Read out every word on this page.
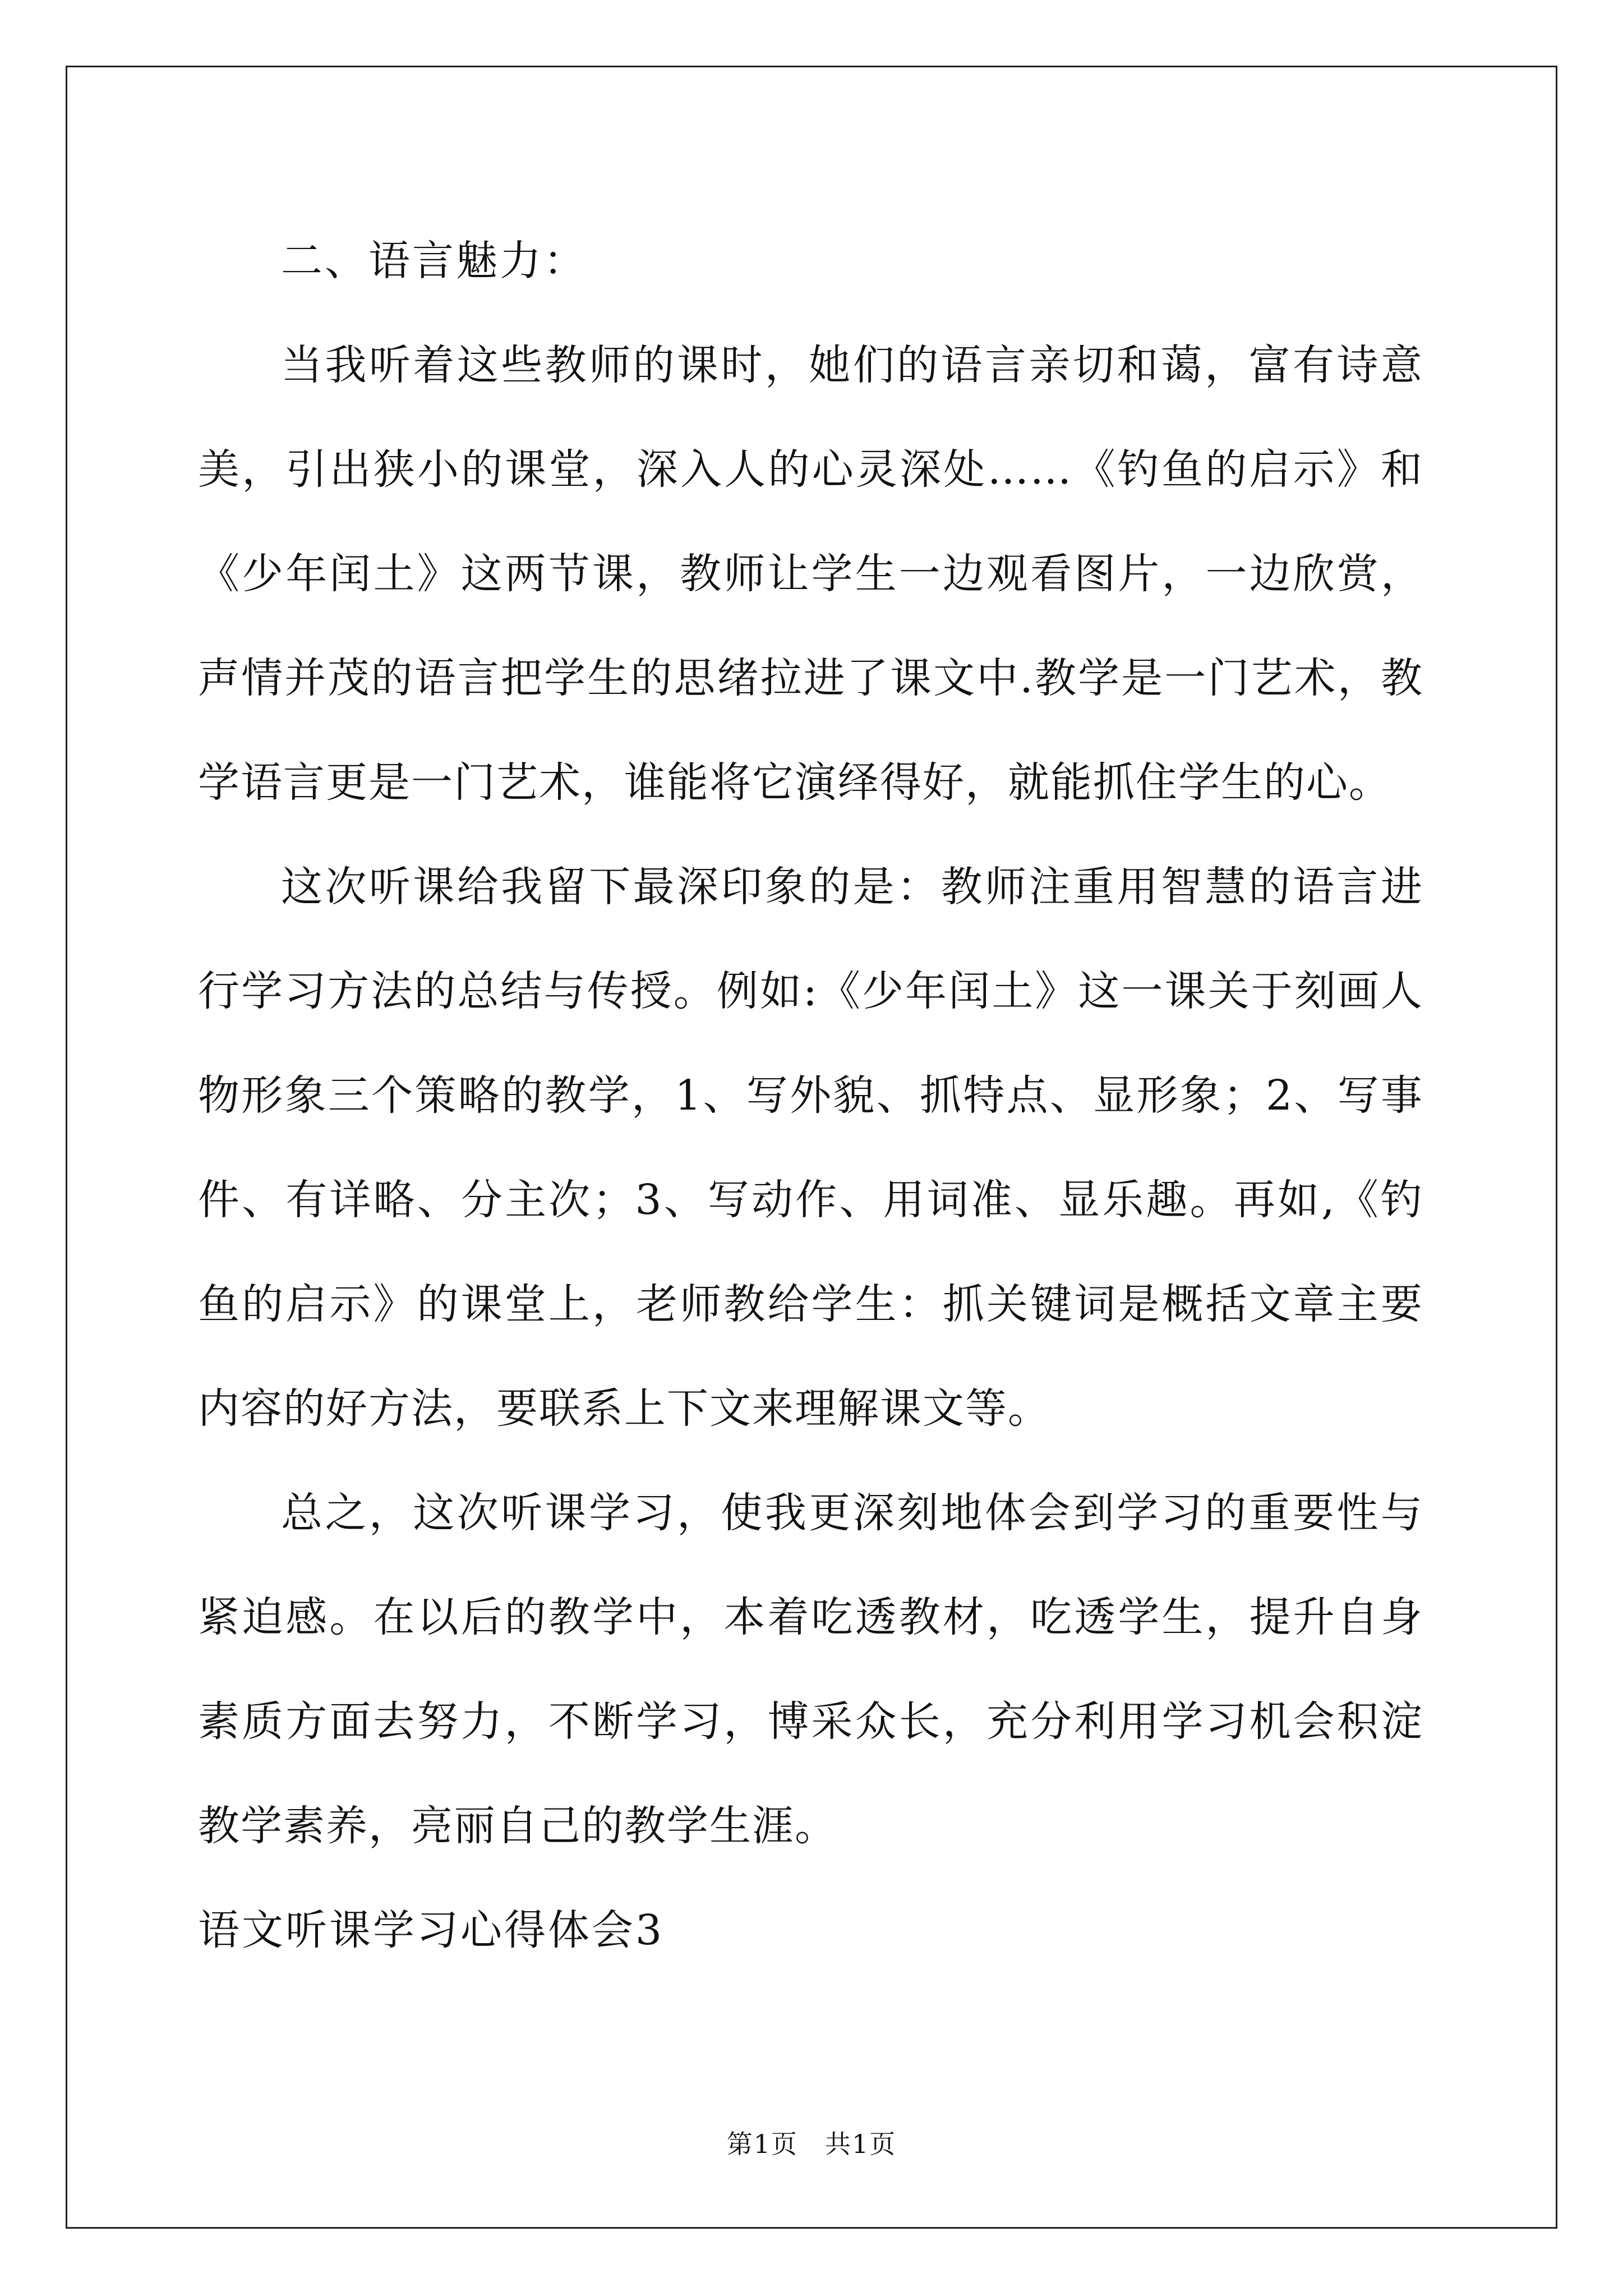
二、语言魅力：

当我听着这些教师的课时，她们的语言亲切和蔼，富有诗意美，引出狭小的课堂，深入人的心灵深处……《钓鱼的启示》和《少年闰土》这两节课，教师让学生一边观看图片，一边欣赏，声情并茂的语言把学生的思绪拉进了课文中.教学是一门艺术，教学语言更是一门艺术，谁能将它演绎得好，就能抓住学生的心。

这次听课给我留下最深印象的是：教师注重用智慧的语言进行学习方法的总结与传授。例如:《少年闰土》这一课关于刻画人物形象三个策略的教学，1、写外貌、抓特点、显形象；2、写事件、有详略、分主次；3、写动作、用词准、显乐趣。再如,《钓鱼的启示》的课堂上，老师教给学生：抓关键词是概括文章主要内容的好方法，要联系上下文来理解课文等。

总之，这次听课学习，使我更深刻地体会到学习的重要性与紧迫感。在以后的教学中，本着吃透教材，吃透学生，提升自身素质方面去努力，不断学习，博采众长，充分利用学习机会积淀教学素养，亮丽自己的教学生涯。

语文听课学习心得体会3

第1页　共1页
